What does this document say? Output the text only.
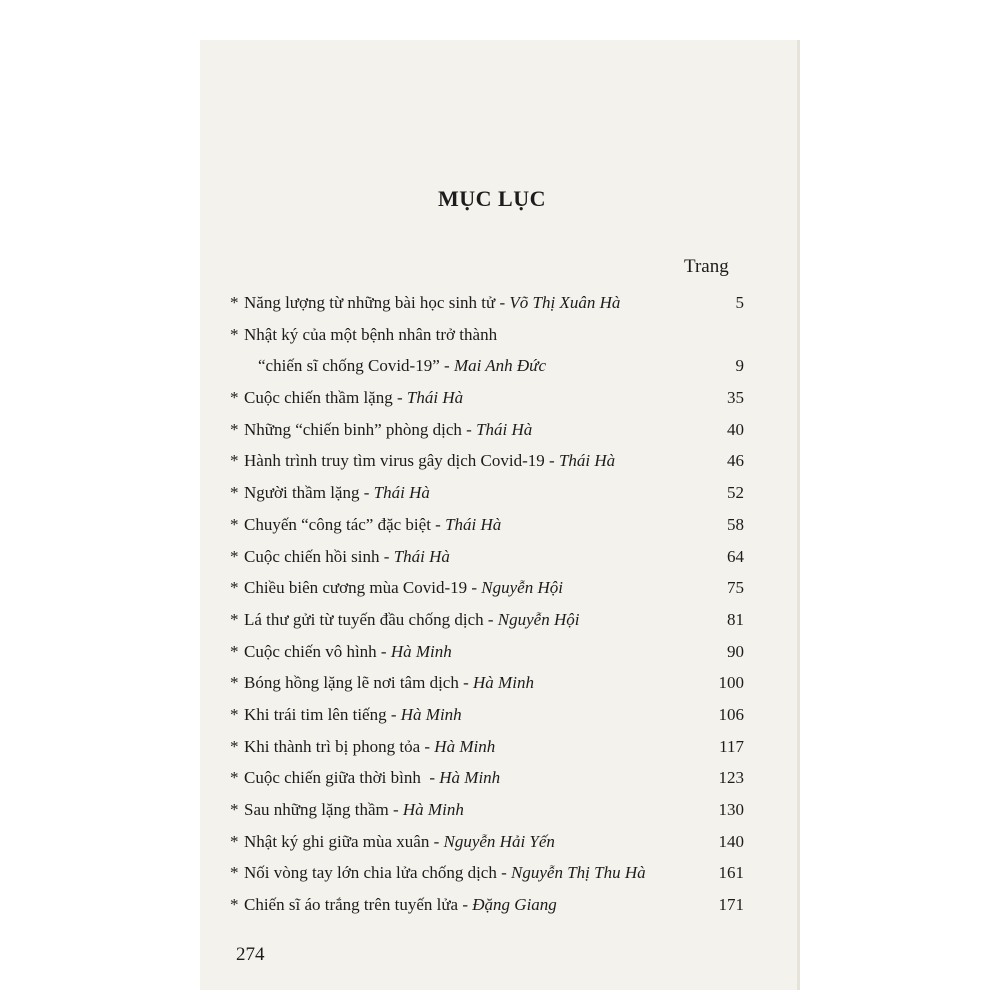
MỤC LỤC
Trang
* Năng lượng từ những bài học sinh tử - Võ Thị Xuân Hà	5
* Nhật ký của một bệnh nhân trở thành
“chiến sĩ chống Covid-19” - Mai Anh Đức	9
* Cuộc chiến thầm lặng - Thái Hà	35
* Những “chiến binh” phòng dịch - Thái Hà	40
* Hành trình truy tìm virus gây dịch Covid-19 - Thái Hà	46
* Người thầm lặng - Thái Hà	52
* Chuyến “công tác” đặc biệt - Thái Hà	58
* Cuộc chiến hồi sinh - Thái Hà	64
* Chiều biên cương mùa Covid-19 - Nguyễn Hội	75
* Lá thư gửi từ tuyến đầu chống dịch - Nguyễn Hội	81
* Cuộc chiến vô hình - Hà Minh	90
* Bóng hồng lặng lẽ nơi tâm dịch - Hà Minh	100
* Khi trái tim lên tiếng - Hà Minh	106
* Khi thành trì bị phong tỏa - Hà Minh	117
* Cuộc chiến giữa thời bình  - Hà Minh	123
* Sau những lặng thầm - Hà Minh	130
* Nhật ký ghi giữa mùa xuân - Nguyễn Hải Yến	140
* Nối vòng tay lớn chia lửa chống dịch - Nguyễn Thị Thu Hà	161
* Chiến sĩ áo trắng trên tuyến lửa - Đặng Giang	171
274
